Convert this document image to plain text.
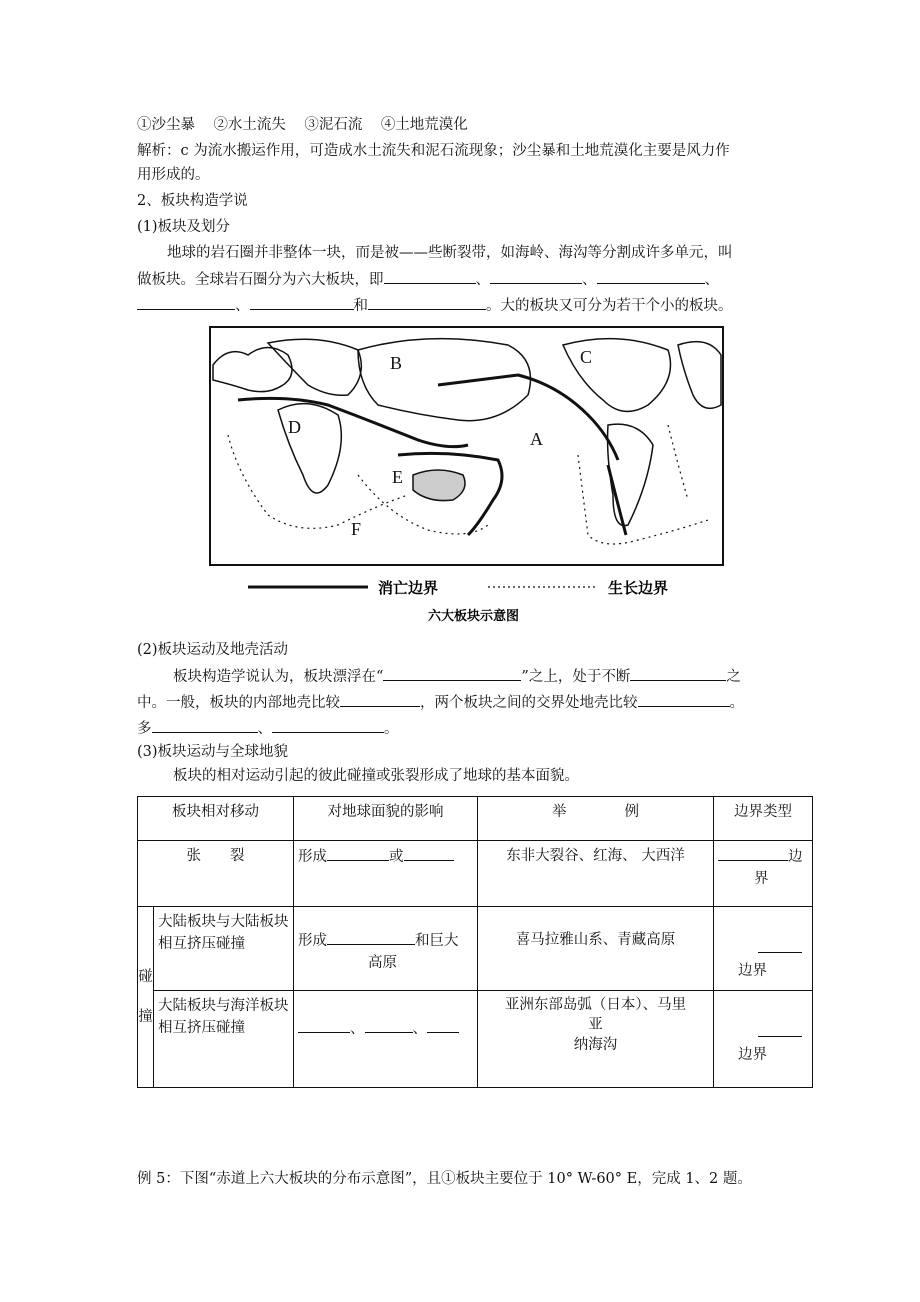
①沙尘暴 ②水土流失 ③泥石流 ④土地荒漠化
解析：c 为流水搬运作用，可造成水土流失和泥石流现象；沙尘暴和土地荒漠化主要是风力作
用形成的。
2、板块构造学说
(1)板块及划分
地球的岩石圈并非整体一块，而是被——些断裂带，如海岭、海沟等分割成许多单元，叫
做板块。全球岩石圈分为六大板块，即	、	、	、
、	和	。大的板块又可分为若干个小的板块。
A
B	C
D
E
F
消亡边界	生长边界
六大板块示意图
(2)板块运动及地壳活动
板块构造学说认为，板块漂浮在“	”之上，处于不断	之
中。一般，板块的内部地壳比较	，两个板块之间的交界处地壳比较	。
多	、	。
(3)板块运动与全球地貌
板块的相对运动引起的彼此碰撞或张裂形成了地球的基本面貌。
板块相对移动		对地球面貌的影响	举　　　　例	边界类型
张　　裂		形成 或	东非大裂谷、红海、 大西洋	边
界
碰
撞	大陆板块与大陆板块相互挤压碰撞	形成 和巨大
高原	喜马拉雅山系、青藏高原	边界
	大陆板块与海洋板块相互挤压碰撞	、 、	亚洲东部岛弧（日本）、马里
亚
纳海沟	边界
例 5：下图“赤道上六大板块的分布示意图”，且①板块主要位于 10° W-60° E，完成 1、2 题。
